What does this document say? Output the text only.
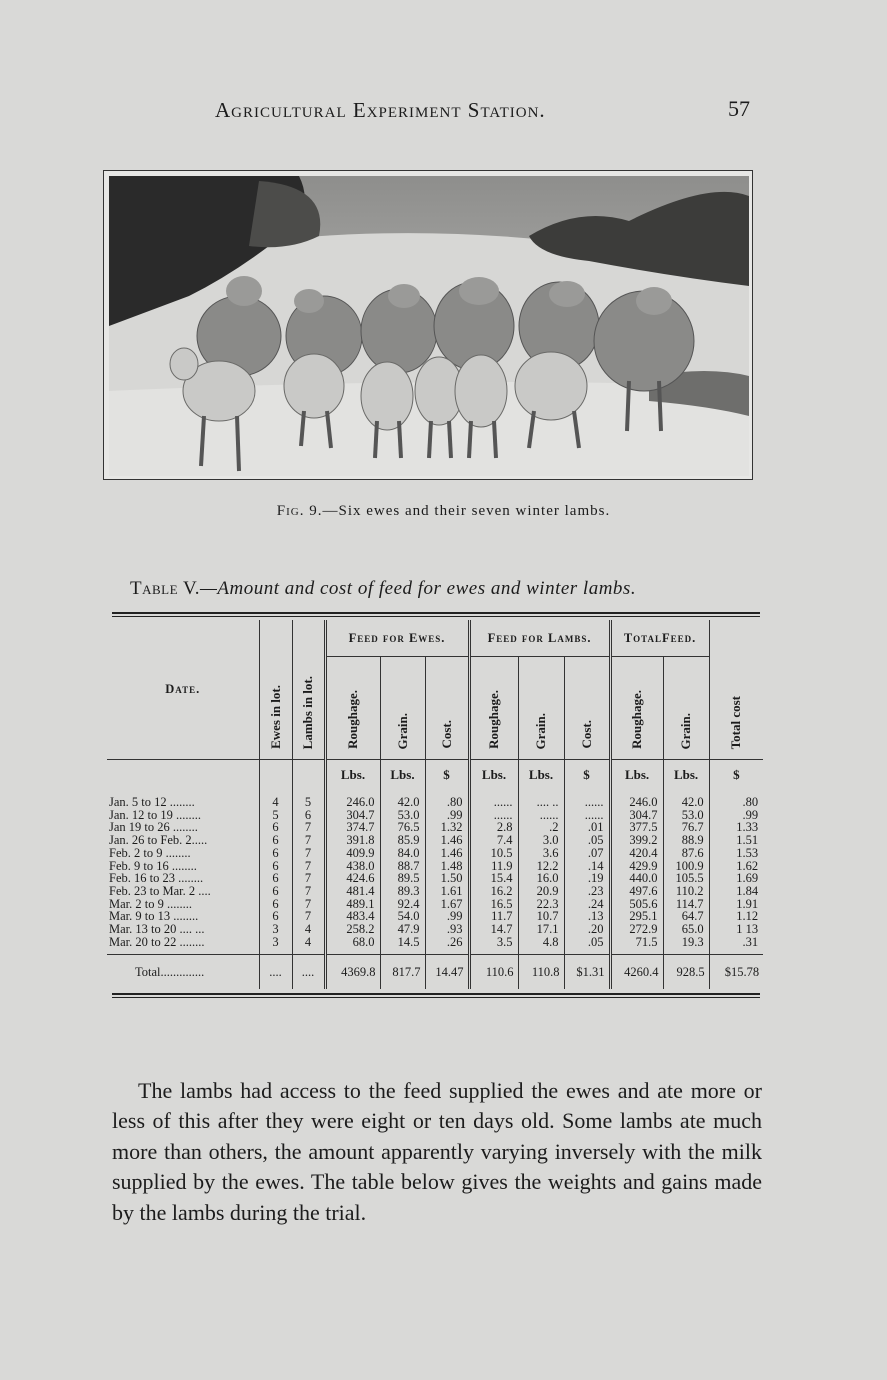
Agricultural Experiment Station.	57
Fig. 9.—Six ewes and their seven winter lambs.
Table V.—Amount and cost of feed for ewes and winter lambs.
Date.	Ewes in lot.	Lambs in lot.	Feed for Ewes.			Feed for Lambs.			TotalFeed.		Total cost
			Roughage.	Grain.	Cost.	Roughage.	Grain.	Cost.	Roughage.	Grain.	
			Lbs.	Lbs.	$	Lbs.	Lbs.	$	Lbs.	Lbs.	$

Jan. 5 to 12 ........	4	5	246.0	42.0	.80	......	.... ..	......	246.0	42.0	.80
Jan. 12 to 19 ........	5	6	304.7	53.0	.99	......	......	......	304.7	53.0	.99
Jan 19 to 26 ........	6	7	374.7	76.5	1.32	2.8	.2	.01	377.5	76.7	1.33
Jan. 26 to Feb. 2.....	6	7	391.8	85.9	1.46	7.4	3.0	.05	399.2	88.9	1.51
Feb. 2 to 9 ........	6	7	409.9	84.0	1.46	10.5	3.6	.07	420.4	87.6	1.53
Feb. 9 to 16 ........	6	7	438.0	88.7	1.48	11.9	12.2	.14	429.9	100.9	1.62
Feb. 16 to 23 ........	6	7	424.6	89.5	1.50	15.4	16.0	.19	440.0	105.5	1.69
Feb. 23 to Mar. 2 ....	6	7	481.4	89.3	1.61	16.2	20.9	.23	497.6	110.2	1.84
Mar. 2 to 9 ........	6	7	489.1	92.4	1.67	16.5	22.3	.24	505.6	114.7	1.91
Mar. 9 to 13 ........	6	7	483.4	54.0	.99	11.7	10.7	.13	295.1	64.7	1.12
Mar. 13 to 20 .... ...	3	4	258.2	47.9	.93	14.7	17.1	.20	272.9	65.0	1 13
Mar. 20 to 22 ........	3	4	68.0	14.5	.26	3.5	4.8	.05	71.5	19.3	.31

Total..............	....	....	4369.8	817.7	14.47	110.6	110.8	$1.31	4260.4	928.5	$15.78

The lambs had access to the feed supplied the ewes and ate more or less of this after they were eight or ten days old. Some lambs ate much more than others, the amount apparently varying inversely with the milk supplied by the ewes. The table below gives the weights and gains made by the lambs during the trial.
